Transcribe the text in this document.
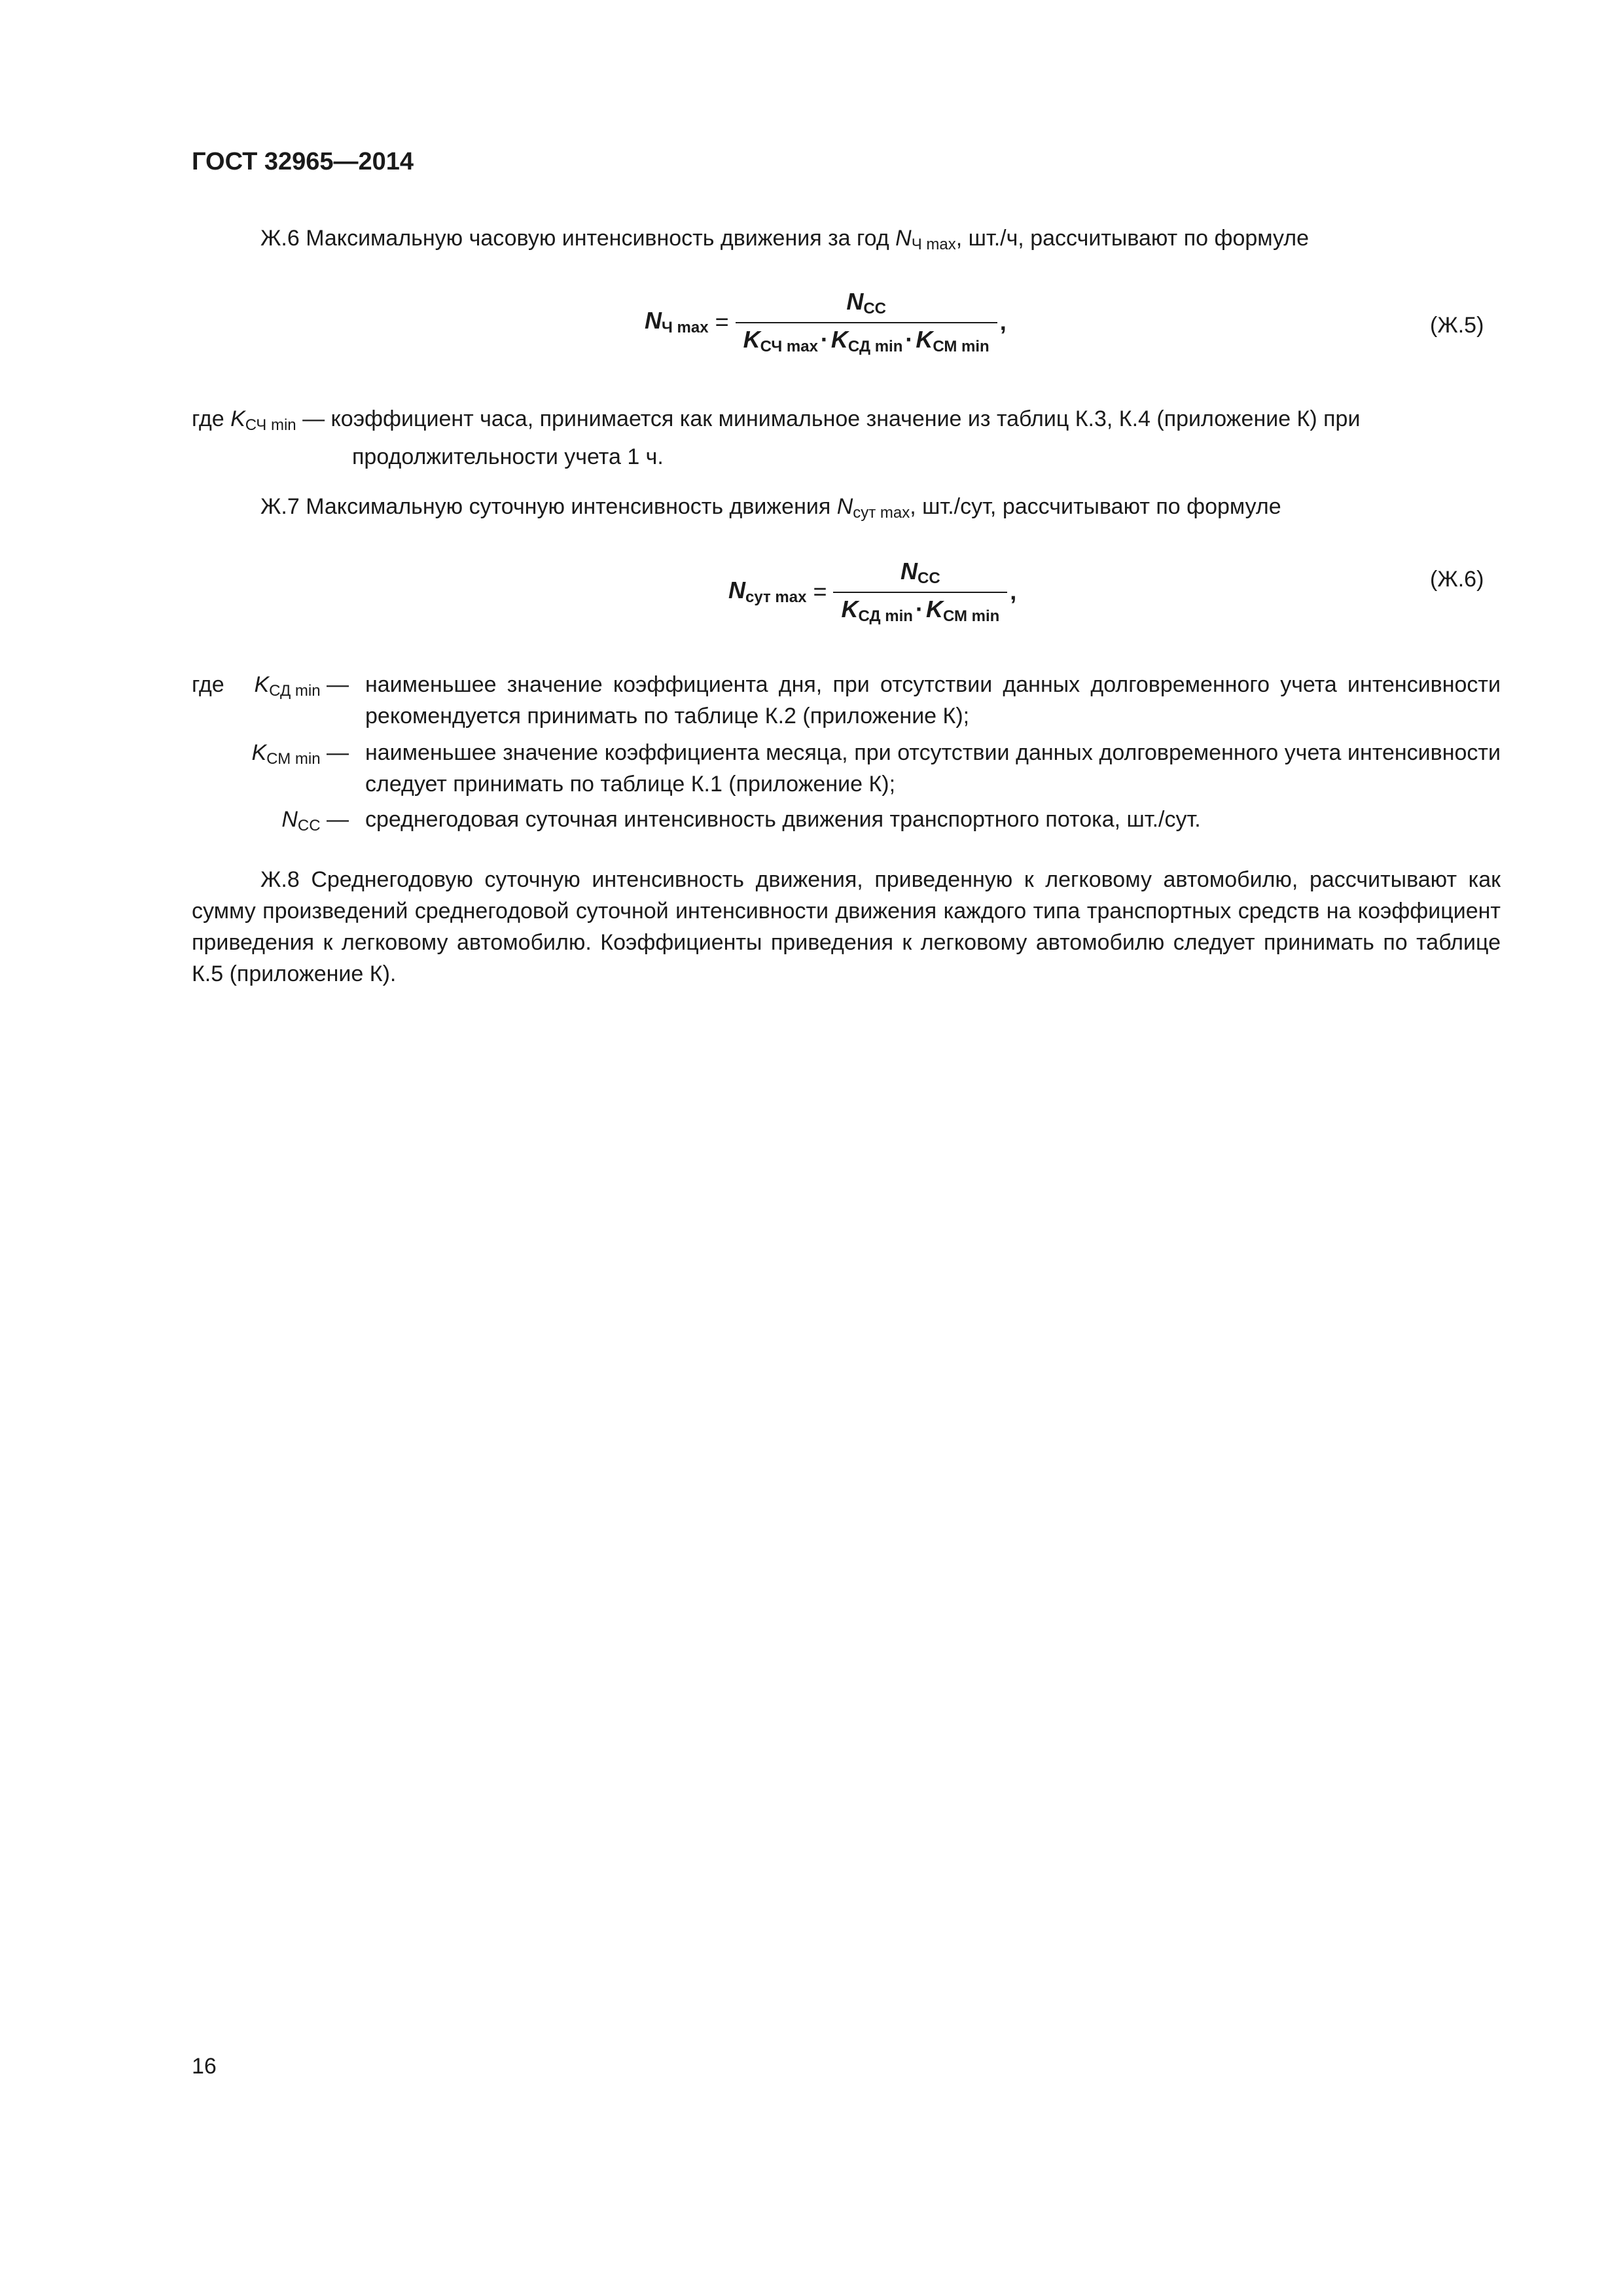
ГОСТ 32965—2014
Ж.6 Максимальную часовую интенсивность движения за год $N_{Ч max}$, шт./ч, рассчитывают по формуле
NЧ $\max = \frac{\text{NСС}}{\text{KСЧ max · KСД min · KСМ min}}$ ,	(Ж.5)
где $K_{СЧ min}$ — коэффициент часа, принимается как минимальное значение из таблиц К.3, К.4 (приложение К) при
продолжительности учета 1 ч.
Ж.7 Максимальную суточную интенсивность движения $N_{сут max}$, шт./сут, рассчитывают по формуле
Nсут $\max = \frac{\text{NСС}}{\text{KСД min · KСМ min}}$ ,	(Ж.6)
где $K_{СД min}$ — наименьшее значение коэффициента дня, при отсутствии данных долговременного учета интенсивности рекомендуется принимать по таблице К.2 (приложение К);
$K_{СМ min}$ — наименьшее значение коэффициента месяца, при отсутствии данных долговременного учета интенсивности следует принимать по таблице К.1 (приложение К);
$N_{СС}$ — среднегодовая суточная интенсивность движения транспортного потока, шт./сут.
Ж.8 Среднегодовую суточную интенсивность движения, приведенную к легковому автомобилю, рассчитывают как сумму произведений среднегодовой суточной интенсивности движения каждого типа транспортных средств на коэффициент приведения к легковому автомобилю. Коэффициенты приведения к легковому автомобилю следует принимать по таблице К.5 (приложение К).
16
